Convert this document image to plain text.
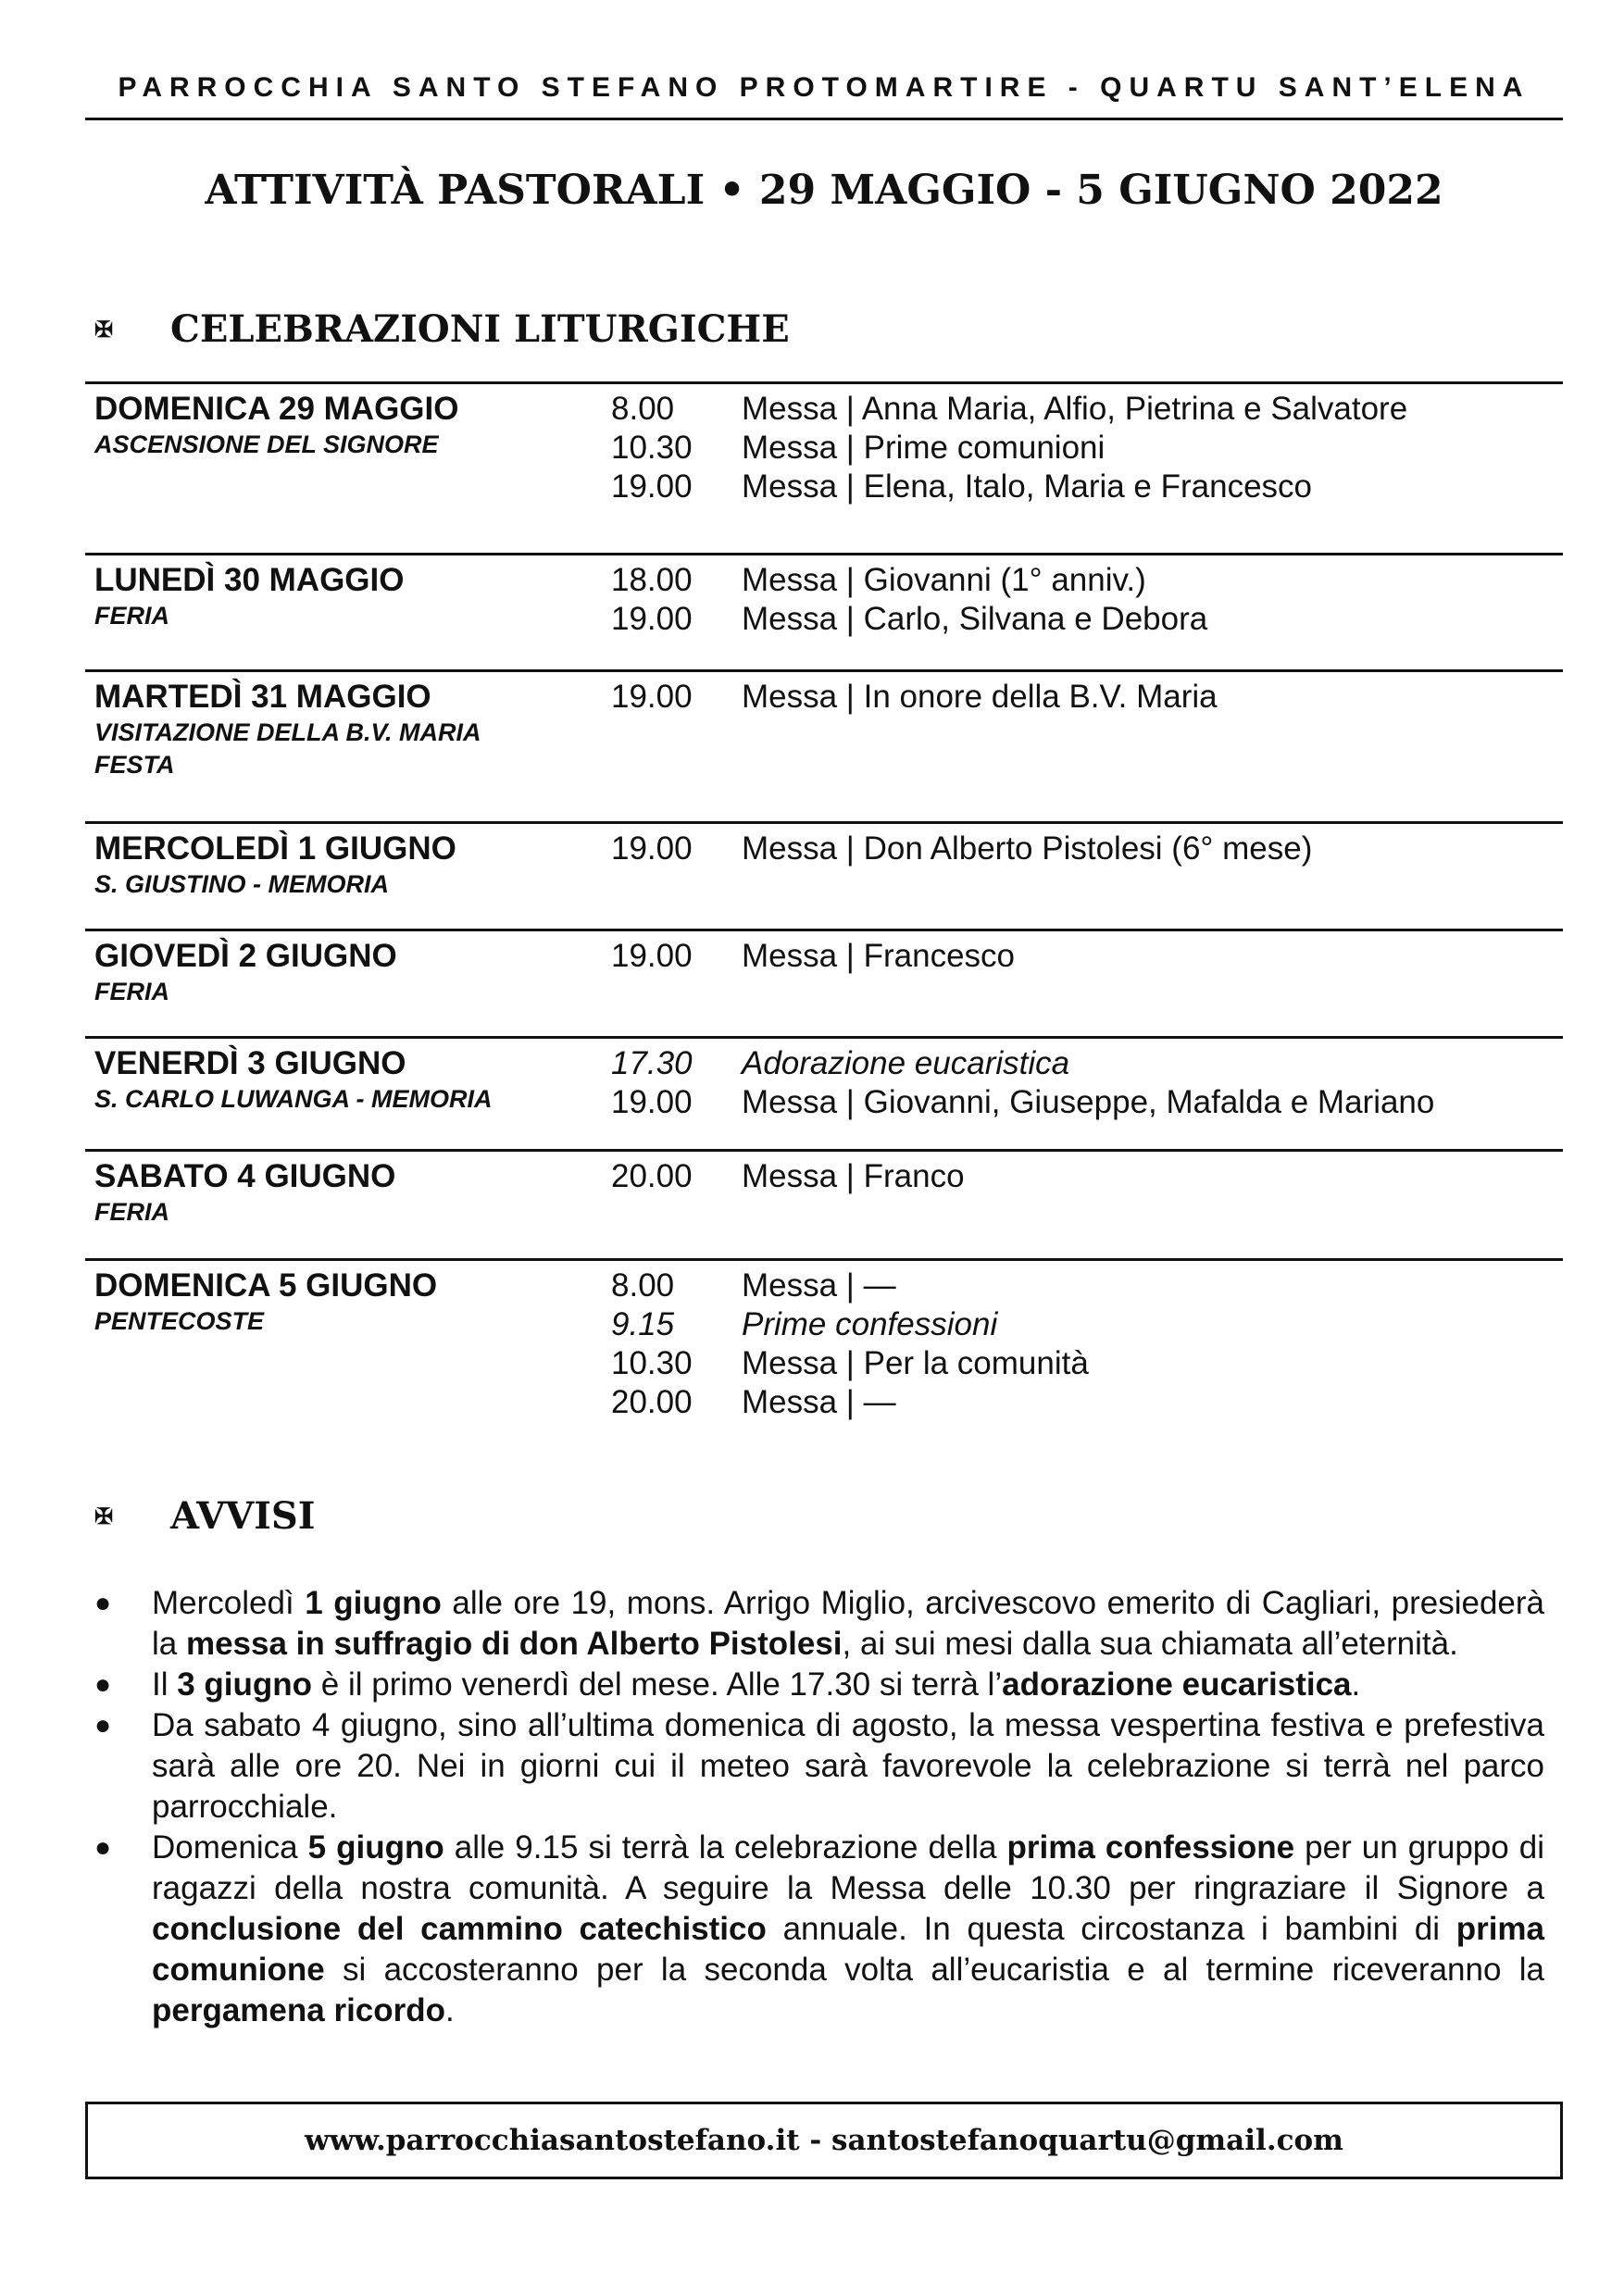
PARROCCHIA SANTO STEFANO PROTOMARTIRE - QUARTU SANT’ELENA
ATTIVITÀ PASTORALI • 29 MAGGIO - 5 GIUGNO 2022
✠	CELEBRAZIONI LITURGICHE
DOMENICA 29 MAGGIO
ASCENSIONE DEL SIGNORE
8.00	Messa | Anna Maria, Alfio, Pietrina e Salvatore
10.30	Messa | Prime comunioni
19.00	Messa | Elena, Italo, Maria e Francesco
LUNEDÌ 30 MAGGIO
FERIA
18.00	Messa | Giovanni (1° anniv.)
19.00	Messa | Carlo, Silvana e Debora
MARTEDÌ 31 MAGGIO
VISITAZIONE DELLA B.V. MARIA
FESTA
19.00	Messa | In onore della B.V. Maria
MERCOLEDÌ 1 GIUGNO
S. GIUSTINO - MEMORIA
19.00	Messa | Don Alberto Pistolesi (6° mese)
GIOVEDÌ 2 GIUGNO
FERIA
19.00	Messa | Francesco
VENERDÌ 3 GIUGNO
S. CARLO LUWANGA - MEMORIA
17.30	Adorazione eucaristica
19.00	Messa | Giovanni, Giuseppe, Mafalda e Mariano
SABATO 4 GIUGNO
FERIA
20.00	Messa | Franco
DOMENICA 5 GIUGNO
PENTECOSTE
8.00	Messa | —
9.15	Prime confessioni
10.30	Messa | Per la comunità
20.00	Messa | —
✠	AVVISI
●	Mercoledì 1 giugno alle ore 19, mons. Arrigo Miglio, arcivescovo emerito di Cagliari, presiederà la messa in suffragio di don Alberto Pistolesi, ai sui mesi dalla sua chiamata all’eternità.
●	Il 3 giugno è il primo venerdì del mese. Alle 17.30 si terrà l’adorazione eucaristica.
●	Da sabato 4 giugno, sino all’ultima domenica di agosto, la messa vespertina festiva e prefestiva sarà alle ore 20. Nei in giorni cui il meteo sarà favorevole la celebrazione si terrà nel parco parrocchiale.
●	Domenica 5 giugno alle 9.15 si terrà la celebrazione della prima confessione per un gruppo di ragazzi della nostra comunità. A seguire la Messa delle 10.30 per ringraziare il Signore a conclusione del cammino catechistico annuale. In questa circostanza i bambini di prima comunione si accosteranno per la seconda volta all’eucaristia e al termine riceveranno la pergamena ricordo.
www.parrocchiasantostefano.it - santostefanoquartu@gmail.com
